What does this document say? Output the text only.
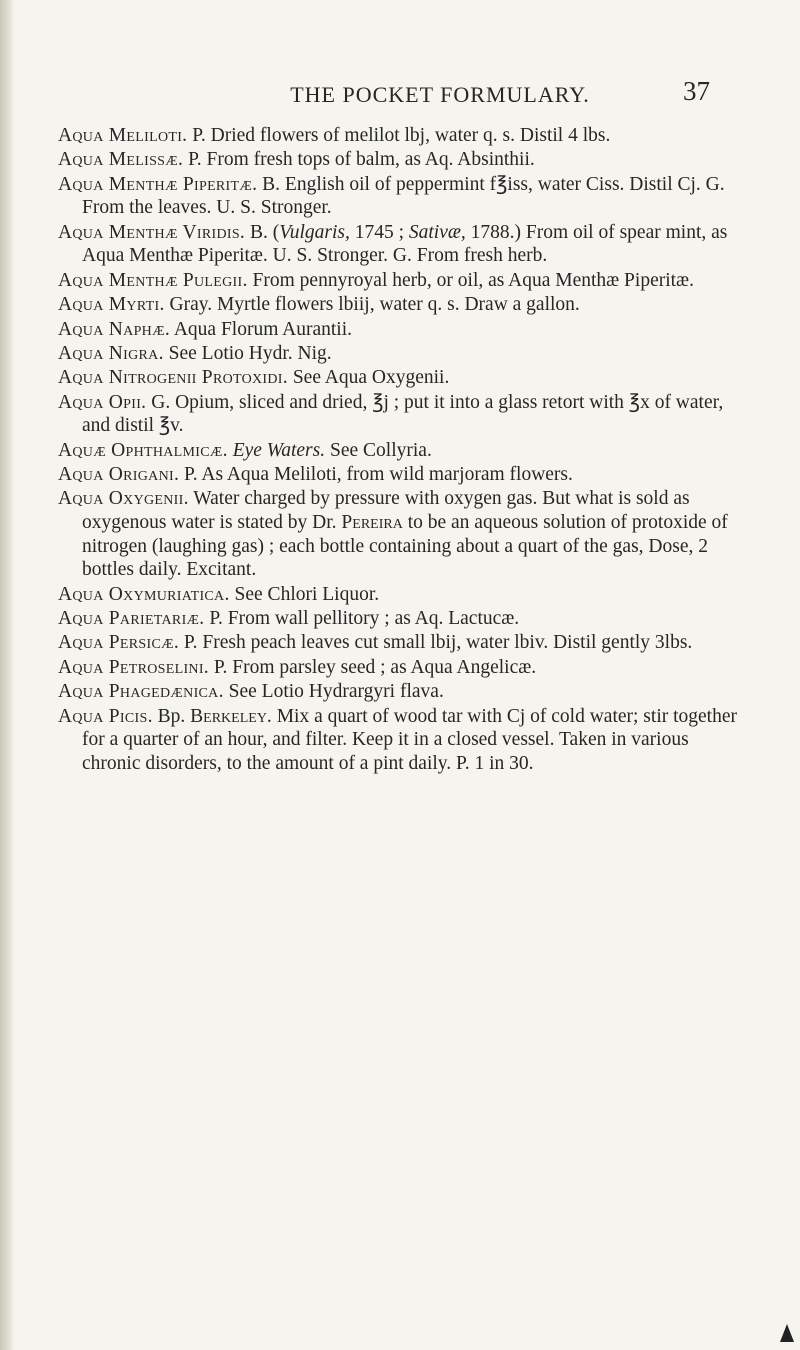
THE POCKET FORMULARY.	37

Aqua Meliloti. P. Dried flowers of melilot lbj, water q. s. Distil 4 lbs.

Aqua Melissæ. P. From fresh tops of balm, as Aq. Absinthii.

Aqua Menthæ Piperitæ. B. English oil of peppermint f℥iss, water Ciss. Distil Cj. G. From the leaves. U. S. Stronger.

Aqua Menthæ Viridis. B. (Vulgaris, 1745 ; Sativæ, 1788.) From oil of spear mint, as Aqua Menthæ Piperitæ. U. S. Stronger. G. From fresh herb.

Aqua Menthæ Pulegii. From pennyroyal herb, or oil, as Aqua Menthæ Piperitæ.

Aqua Myrti. Gray. Myrtle flowers lbiij, water q. s. Draw a gallon.

Aqua Naphæ. Aqua Florum Aurantii.

Aqua Nigra. See Lotio Hydr. Nig.

Aqua Nitrogenii Protoxidi. See Aqua Oxygenii.

Aqua Opii. G. Opium, sliced and dried, ℥j ; put it into a glass retort with ℥x of water, and distil ℥v.

Aquæ Ophthalmicæ. Eye Waters. See Collyria.

Aqua Origani. P. As Aqua Meliloti, from wild marjoram flowers.

Aqua Oxygenii. Water charged by pressure with oxygen gas. But what is sold as oxygenous water is stated by Dr. Pereira to be an aqueous solution of protoxide of nitrogen (laughing gas) ; each bottle containing about a quart of the gas, Dose, 2 bottles daily. Excitant.

Aqua Oxymuriatica. See Chlori Liquor.

Aqua Parietariæ. P. From wall pellitory ; as Aq. Lactucæ.

Aqua Persicæ. P. Fresh peach leaves cut small lbij, water lbiv. Distil gently 3lbs.

Aqua Petroselini. P. From parsley seed ; as Aqua Angelicæ.

Aqua Phagedænica. See Lotio Hydrargyri flava.

Aqua Picis. Bp. Berkeley. Mix a quart of wood tar with Cj of cold water; stir together for a quarter of an hour, and filter. Keep it in a closed vessel. Taken in various chronic disorders, to the amount of a pint daily. P. 1 in 30.
